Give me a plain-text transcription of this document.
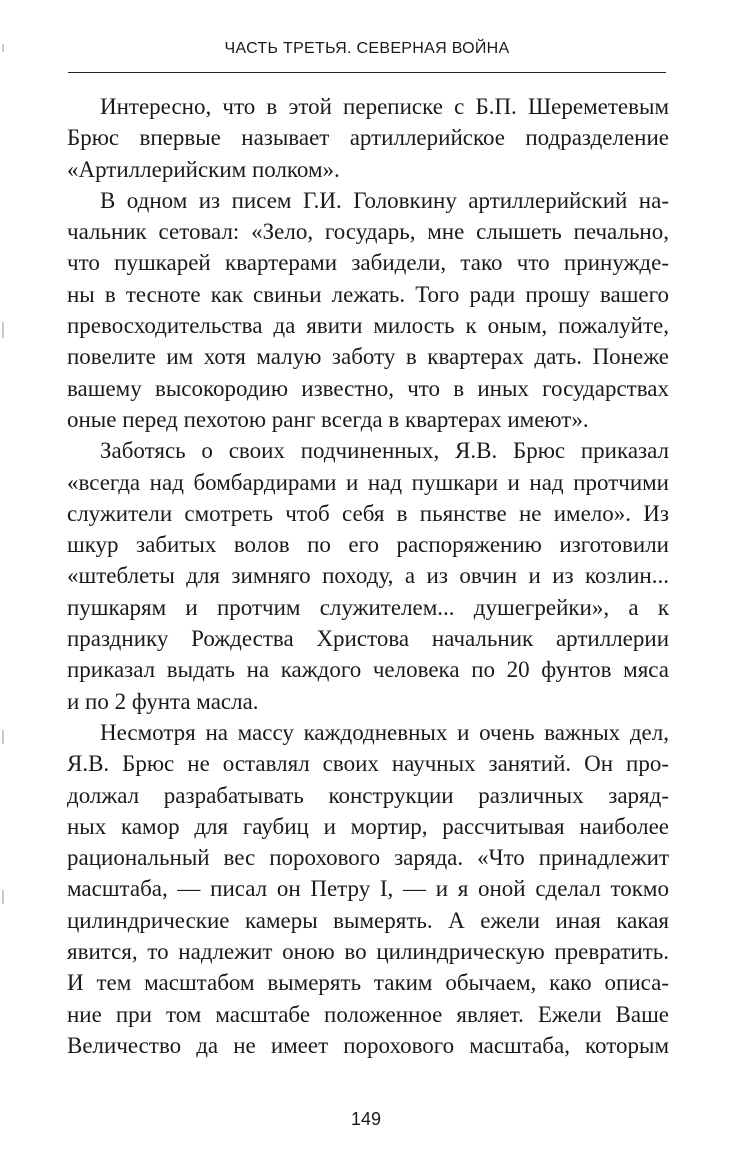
ЧАСТЬ ТРЕТЬЯ. СЕВЕРНАЯ ВОЙНА
Интересно, что в этой переписке с Б.П. Шереметевым
Брюс впервые называет артиллерийское подразделение
«Артиллерийским полком».
В одном из писем Г.И. Головкину артиллерийский на-
чальник сетовал: «Зело, государь, мне слышеть печально,
что пушкарей квартерами забидели, тако что принужде-
ны в тесноте как свиньи лежать. Того ради прошу вашего
превосходительства да явити милость к оным, пожалуйте,
повелите им хотя малую заботу в квартерах дать. Понеже
вашему высокородию известно, что в иных государствах
оные перед пехотою ранг всегда в квартерах имеют».
Заботясь о своих подчиненных, Я.В. Брюс приказал
«всегда над бомбардирами и над пушкари и над протчими
служители смотреть чтоб себя в пьянстве не имело». Из
шкур забитых волов по его распоряжению изготовили
«штеблеты для зимняго походу, а из овчин и из козлин...
пушкарям и протчим служителем... душегрейки», а к
празднику Рождества Христова начальник артиллерии
приказал выдать на каждого человека по 20 фунтов мяса
и по 2 фунта масла.
Несмотря на массу каждодневных и очень важных дел,
Я.В. Брюс не оставлял своих научных занятий. Он про-
должал разрабатывать конструкции различных заряд-
ных камор для гаубиц и мортир, рассчитывая наиболее
рациональный вес порохового заряда. «Что принадлежит
масштаба, — писал он Петру I, — и я оной сделал токмо
цилиндрические камеры вымерять. А ежели иная какая
явится, то надлежит оною во цилиндрическую превратить.
И тем масштабом вымерять таким обычаем, како описа-
ние при том масштабе положенное являет. Ежели Ваше
Величество да не имеет порохового масштаба, которым
149
